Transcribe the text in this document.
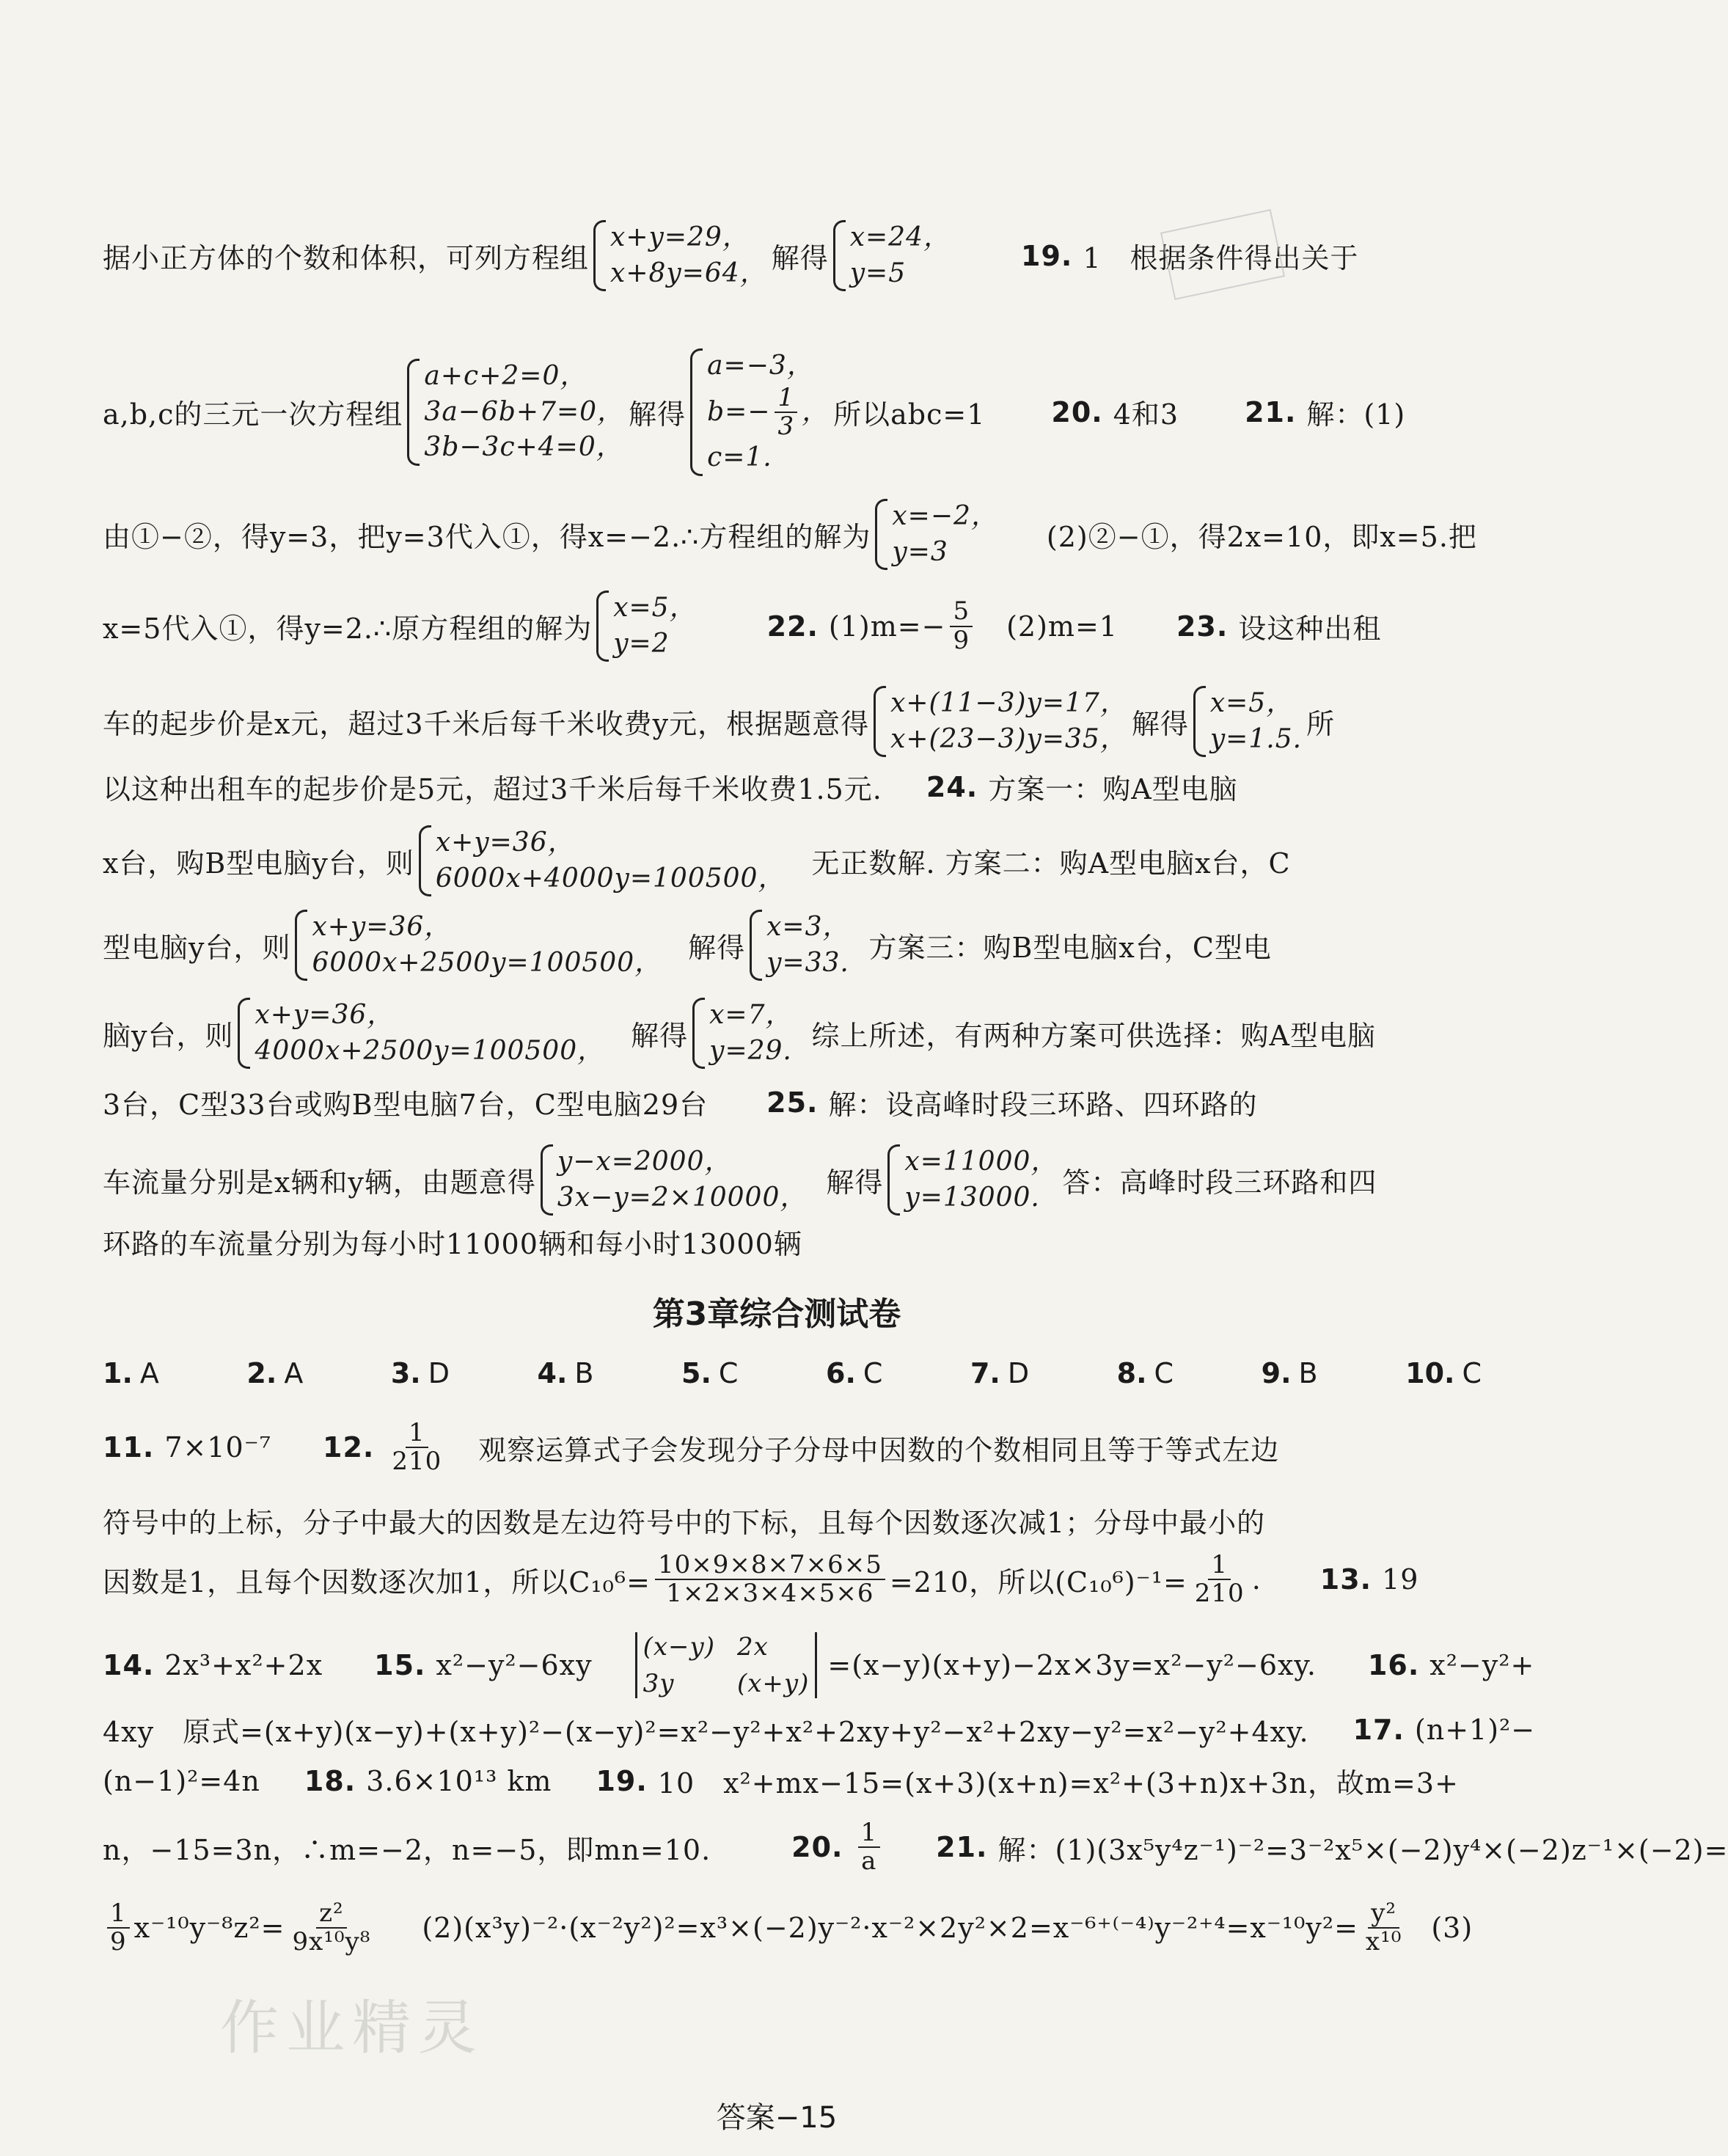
据小正方体的个数和体积，可列方程组
x+y=29，
x+8y=64， 解得
x=24，
y=5
19. 1　根据条件得出关于
a,b,c的三元一次方程组
a+c+2=0，
3a−6b+7=0，
3b−3c+4=0，
解得
a=−3，
$b=- \frac{1}{3}$ ，
c=1.
所以abc=1 20. 4和3 21. 解：(1)
由①−②，得y=3，把y=3代入①，得x=−2.∴方程组的解为
x=−2，
y=3	(2)②−①，得2x=10，即x=5.把
x=5代入①，得y=2.∴原方程组的解为
x=5，
y=2
22. $(1)m=- \frac{5}{9} (2)m=1$ 23. 设这种出租
车的起步价是x元，超过3千米后每千米收费y元，根据题意得
x+(11−3)y=17，
x+(23−3)y=35， 解得
x=5，
y=1.5. 所
以这种出租车的起步价是5元，超过3千米后每千米收费1.5元. 24. 方案一：购A型电脑
x台，购B型电脑y台，则
x+y=36，
6000x+4000y=100500， 无正数解. 方案二：购A型电脑x台，C
型电脑y台，则
x+y=36，
6000x+2500y=100500， 解得
x=3，
y=33. 方案三：购B型电脑x台，C型电
脑y台，则
x+y=36，
4000x+2500y=100500， 解得
x=7，
y=29. 综上所述，有两种方案可供选择：购A型电脑
3台，C型33台或购B型电脑7台，C型电脑29台 25. 解：设高峰时段三环路、四环路的
车流量分别是x辆和y辆，由题意得
y−x=2000，
3x−y=2×10000， 解得
x=11000，
y=13000. 答：高峰时段三环路和四
环路的车流量分别为每小时11000辆和每小时13000辆
第3章综合测试卷
1. A	2. A	3. D	4. B	5. C	6. C	7. D	8. C	9. B	10. C
11. 7×10⁻⁷ 12. $\frac{1}{210}$ 观察运算式子会发现分子分母中因数的个数相同且等于等式左边
符号中的上标，分子中最大的因数是左边符号中的下标，且每个因数逐次减1；分母中最小的
因数是1，且每个因数逐次加1，所以$C_{10}^6= \frac{10\times 9\times 8\times 7\times 6\times 5}{1\times 2\times 3\times 4\times 5\times 6} =210$，所以$(C_{10}^6)^{-1}= \frac{1}{210}$ . 13. 19
14. 2x³+x²+2x 15. x²−y²−6xy
(x−y) 2x
3y	(x+y)
=(x−y)(x+y)−2x×3y=x²−y²−6xy. 16. x²−y²+
4xy　原式=(x+y)(x−y)+(x+y)²−(x−y)²=x²−y²+x²+2xy+y²−x²+2xy−y²=x²−y²+4xy. 17. (n+1)²−
(n−1)²=4n 18. 3.6×10¹³ km 19. 10　x²+mx−15=(x+3)(x+n)=x²+(3+n)x+3n，故m=3+
n，−15=3n，∴m=−2，n=−5，即mn=10.	20. $\frac{1}{a} 21$. 解：(1)(3x⁵y⁴z⁻¹)⁻²=3⁻²x⁵×(−2)y⁴×(−2)z⁻¹×(−2)=
$\frac{1}{9} x^{-10}y^{-8}z^2= \frac{\text{z²}}{\text{9x¹⁰y⁸}} (2)(x^3y)^{-2}\cdot(x^{-2}y^2)^2=x^3\times(-2)y^{-2}\cdot x^{-2}\times 2y^2\times 2=x^{-6+(-4)}y^{-2+4}=x^{-10}y^2= \frac{\text{y²}}{\text{x¹⁰}} (3)$
作业精灵
答案−15
